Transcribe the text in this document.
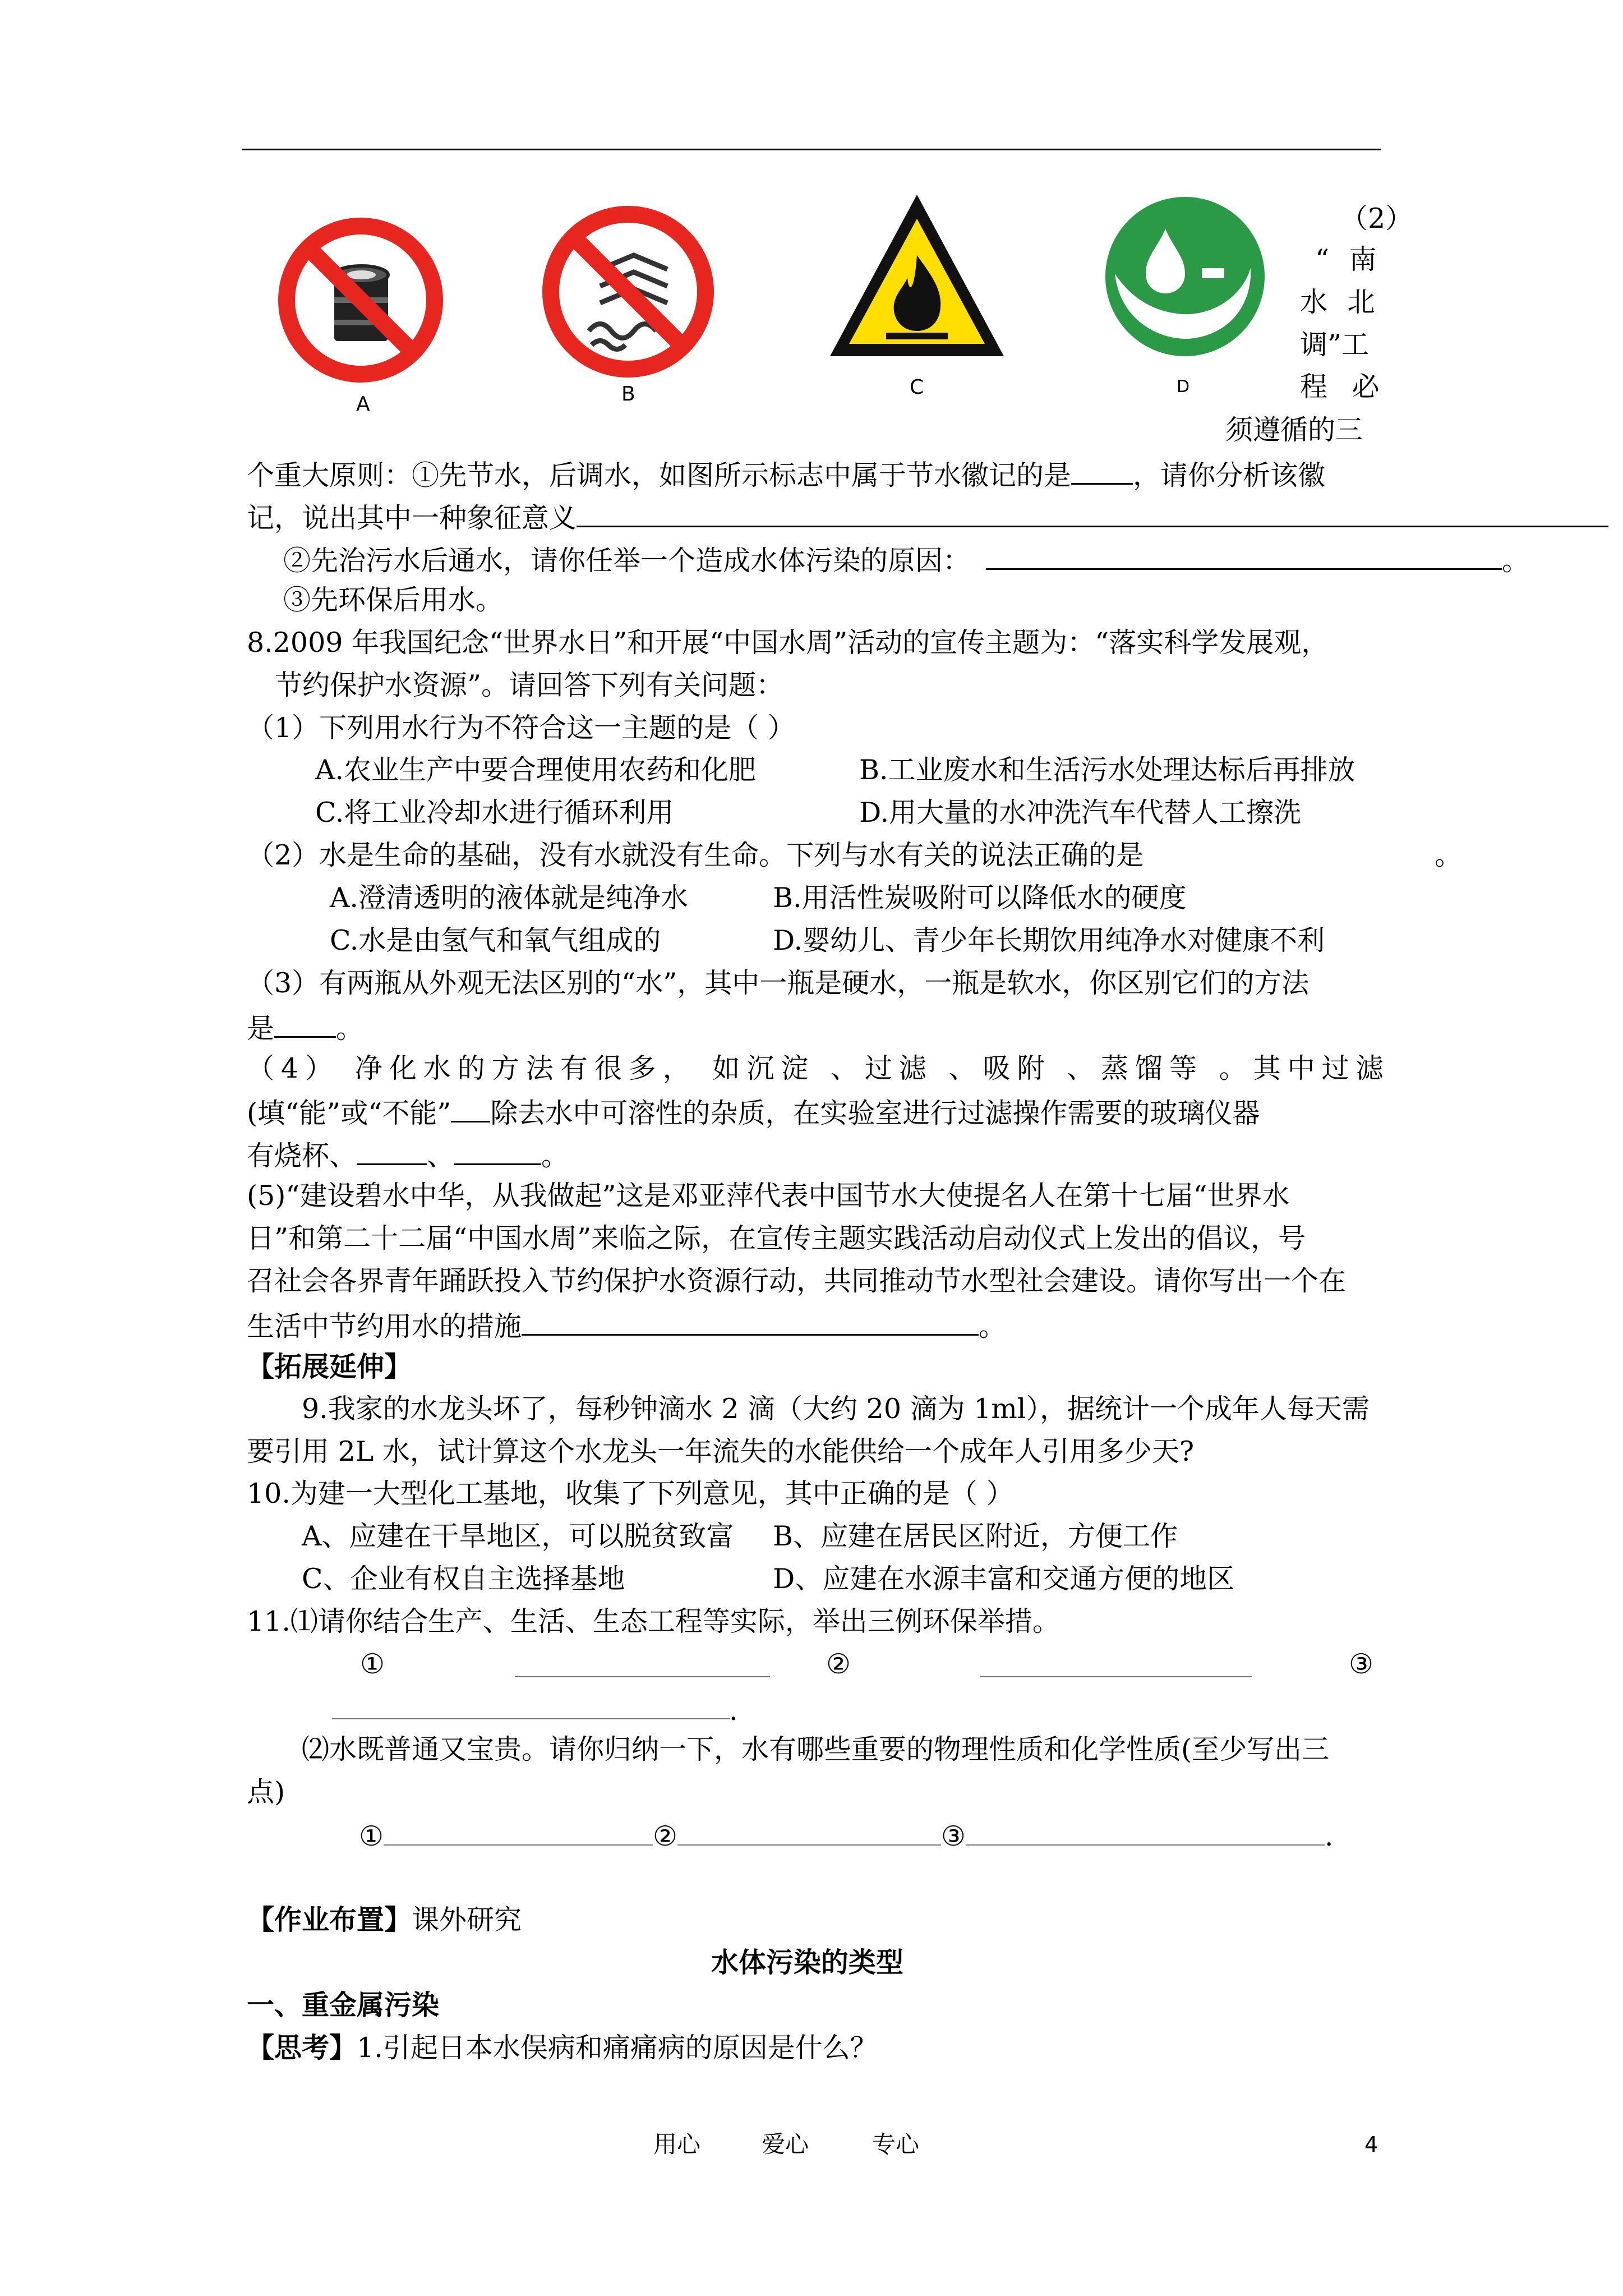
A	B	C	D
（2）
“ 南
水 北
调”工
程 必
须遵循的三
个重大原则：①先节水，后调水，如图所示标志中属于节水徽记的是 ，请你分析该徽
记，说出其中一种象征意义
②先治污水后通水，请你任举一个造成水体污染的原因：	。
③先环保后用水。
8.2009 年我国纪念“世界水日”和开展“中国水周”活动的宣传主题为：“落实科学发展观，
节约保护水资源”。请回答下列有关问题：
（1）下列用水行为不符合这一主题的是（ ）
A.农业生产中要合理使用农药和化肥	B.工业废水和生活污水处理达标后再排放
C.将工业冷却水进行循环利用	D.用大量的水冲洗汽车代替人工擦洗
（2）水是生命的基础，没有水就没有生命。下列与水有关的说法正确的是	。
A.澄清透明的液体就是纯净水	B.用活性炭吸附可以降低水的硬度
C.水是由氢气和氧气组成的	D.婴幼儿、青少年长期饮用纯净水对健康不利
（3）有两瓶从外观无法区别的“水”，其中一瓶是硬水，一瓶是软水，你区别它们的方法
是 。
（4） 净化水的方法有很多， 如沉淀 、过滤 、吸附 、蒸馏等 。其中过滤
(填“能”或“不能” 除去水中可溶性的杂质，在实验室进行过滤操作需要的玻璃仪器
有烧杯、	、	。
(5)“建设碧水中华，从我做起”这是邓亚萍代表中国节水大使提名人在第十七届“世界水
日”和第二十二届“中国水周”来临之际，在宣传主题实践活动启动仪式上发出的倡议，号
召社会各界青年踊跃投入节约保护水资源行动，共同推动节水型社会建设。请你写出一个在
生活中节约用水的措施	。
【拓展延伸】
9.我家的水龙头坏了，每秒钟滴水 2 滴（大约 20 滴为 1ml），据统计一个成年人每天需
要引用 2L 水，试计算这个水龙头一年流失的水能供给一个成年人引用多少天?
10.为建一大型化工基地，收集了下列意见，其中正确的是（ ）
A、应建在干旱地区，可以脱贫致富 B、应建在居民区附近，方便工作
C、企业有权自主选择基地	D、应建在水源丰富和交通方便的地区
11.⑴请你结合生产、生活、生态工程等实际，举出三例环保举措。
①	②	③
.
⑵水既普通又宝贵。请你归纳一下，水有哪些重要的物理性质和化学性质(至少写出三
点)
①	②	③	.
【作业布置】课外研究
水体污染的类型
一、重金属污染
【思考】1.引起日本水俣病和痛痛病的原因是什么？
用心	爱心	专心	4
